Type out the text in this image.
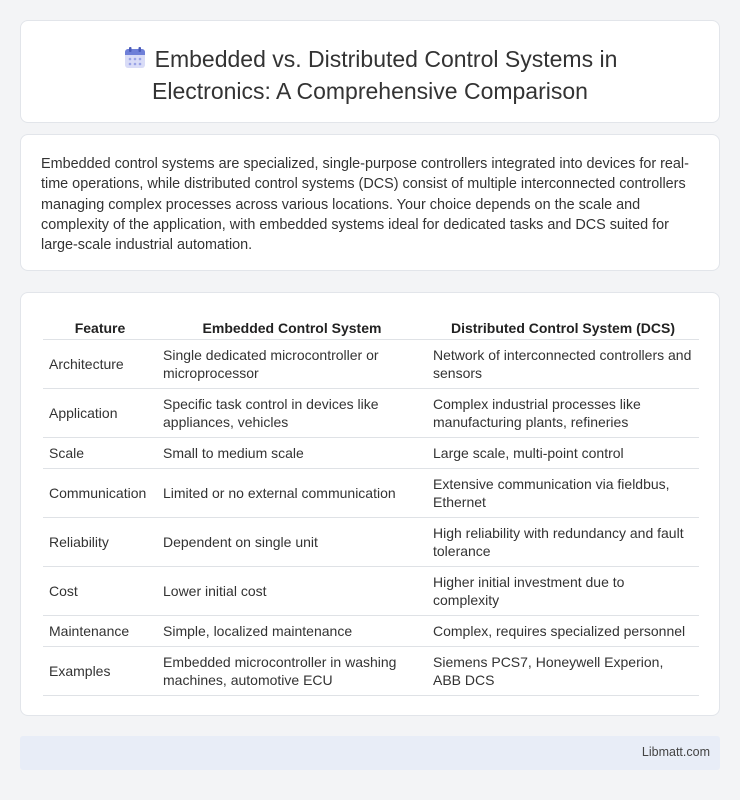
Embedded vs. Distributed Control Systems in
Electronics: A Comprehensive Comparison

Embedded control systems are specialized, single-purpose controllers integrated into devices for real-time operations, while distributed control systems (DCS) consist of multiple interconnected controllers managing complex processes across various locations. Your choice depends on the scale and complexity of the application, with embedded systems ideal for dedicated tasks and DCS suited for large-scale industrial automation.

Feature	Embedded Control System	Distributed Control System (DCS)
Architecture	Single dedicated microcontroller or microprocessor	Network of interconnected controllers and sensors
Application	Specific task control in devices like appliances, vehicles	Complex industrial processes like manufacturing plants, refineries
Scale	Small to medium scale	Large scale, multi-point control
Communication	Limited or no external communication	Extensive communication via fieldbus, Ethernet
Reliability	Dependent on single unit	High reliability with redundancy and fault tolerance
Cost	Lower initial cost	Higher initial investment due to complexity
Maintenance	Simple, localized maintenance	Complex, requires specialized personnel
Examples	Embedded microcontroller in washing machines, automotive ECU	Siemens PCS7, Honeywell Experion, ABB DCS
Libmatt.com
